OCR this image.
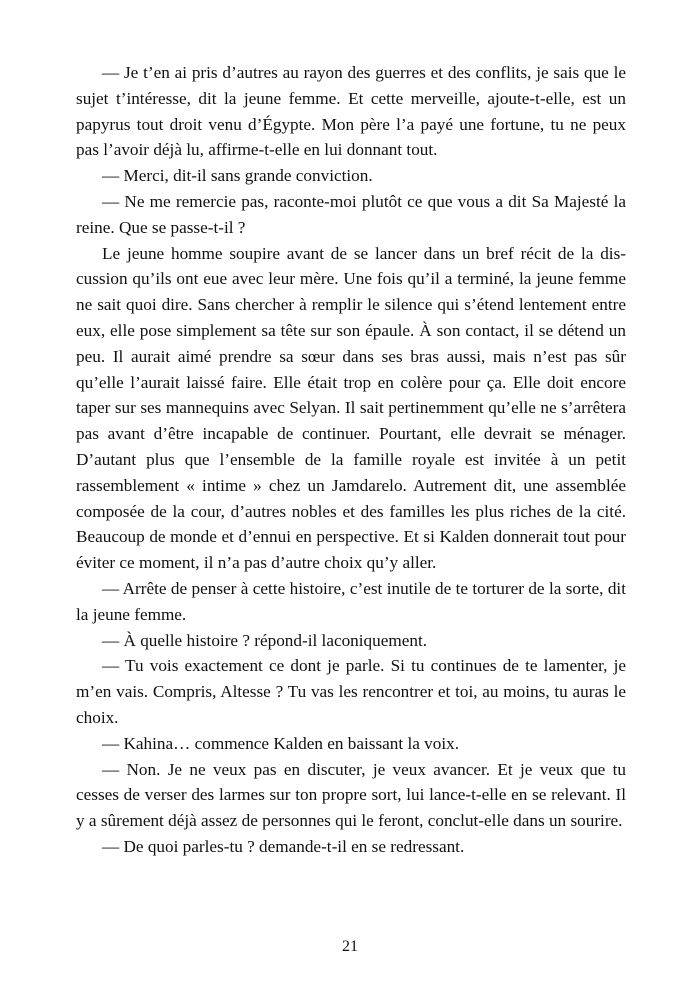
— Je t’en ai pris d’autres au rayon des guerres et des conflits, je sais que le sujet t’intéresse, dit la jeune femme. Et cette merveille, ajoute-t-elle, est un papyrus tout droit venu d’Égypte. Mon père l’a payé une fortune, tu ne peux pas l’avoir déjà lu, affirme-t-elle en lui donnant tout.

— Merci, dit-il sans grande conviction.

— Ne me remercie pas, raconte-moi plutôt ce que vous a dit Sa Majesté la reine. Que se passe-t-il ?

Le jeune homme soupire avant de se lancer dans un bref récit de la discussion qu’ils ont eue avec leur mère. Une fois qu’il a terminé, la jeune femme ne sait quoi dire. Sans chercher à remplir le silence qui s’étend lentement entre eux, elle pose simplement sa tête sur son épaule. À son contact, il se détend un peu. Il aurait aimé prendre sa sœur dans ses bras aussi, mais n’est pas sûr qu’elle l’aurait laissé faire. Elle était trop en colère pour ça. Elle doit encore taper sur ses mannequins avec Selyan. Il sait pertinemment qu’elle ne s’arrêtera pas avant d’être incapable de continuer. Pourtant, elle devrait se ménager. D’autant plus que l’ensemble de la famille royale est invitée à un petit rassemblement « intime » chez un Jamdarelo. Autrement dit, une assemblée composée de la cour, d’autres nobles et des familles les plus riches de la cité. Beaucoup de monde et d’ennui en perspective. Et si Kalden donnerait tout pour éviter ce moment, il n’a pas d’autre choix qu’y aller.

— Arrête de penser à cette histoire, c’est inutile de te torturer de la sorte, dit la jeune femme.

— À quelle histoire ? répond-il laconiquement.

— Tu vois exactement ce dont je parle. Si tu continues de te lamenter, je m’en vais. Compris, Altesse ? Tu vas les rencontrer et toi, au moins, tu auras le choix.

— Kahina… commence Kalden en baissant la voix.

— Non. Je ne veux pas en discuter, je veux avancer. Et je veux que tu cesses de verser des larmes sur ton propre sort, lui lance-t-elle en se relevant. Il y a sûrement déjà assez de personnes qui le feront, conclut-elle dans un sourire.

— De quoi parles-tu ? demande-t-il en se redressant.

21
